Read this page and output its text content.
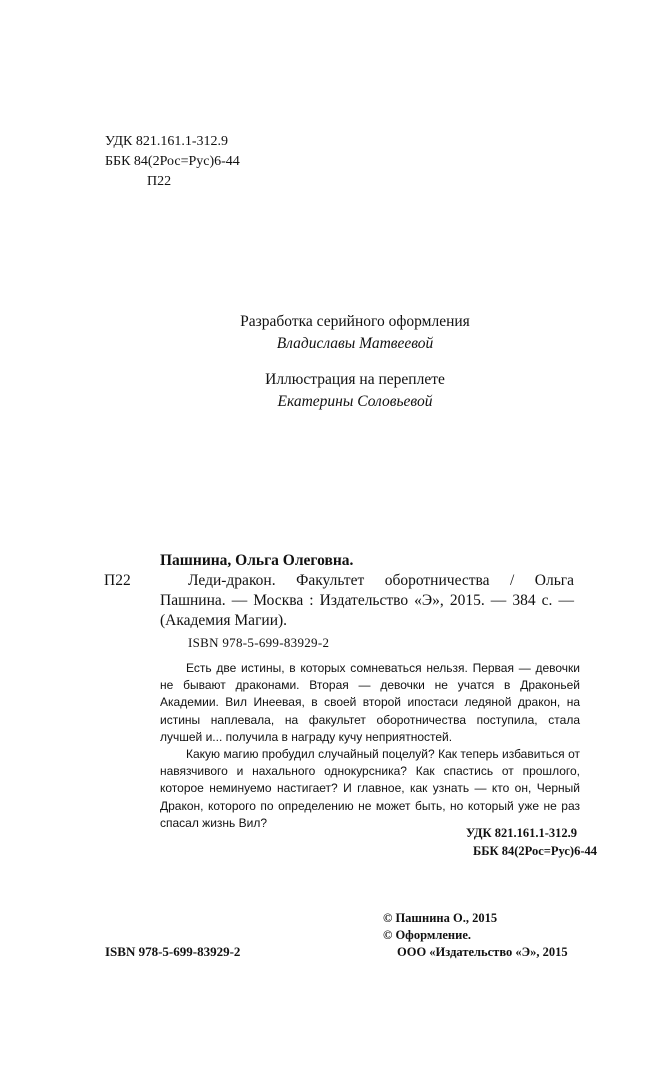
УДК 821.161.1-312.9
ББК 84(2Рос=Рус)6-44
П22
Разработка серийного оформления
Владиславы Матвеевой
Иллюстрация на переплете
Екатерины Соловьевой
Пашнина, Ольга Олеговна.
П22	Леди-дракон. Факультет оборотничества / Ольга Пашнина. — Москва : Издательство «Э», 2015. — 384 с. — (Академия Магии).
ISBN 978-5-699-83929-2

Есть две истины, в которых сомневаться нельзя. Первая — девочки не бывают драконами. Вторая — девочки не учатся в Драконьей Академии. Вил Инеевая, в своей второй ипостаси ледяной дракон, на истины наплевала, на факультет оборотничества поступила, стала лучшей и... получила в награду кучу неприятностей.

Какую магию пробудил случайный поцелуй? Как теперь избавиться от навязчивого и нахального однокурсника? Как спастись от прошлого, которое неминуемо настигает? И главное, как узнать — кто он, Черный Дракон, которого по определению не может быть, но который уже не раз спасал жизнь Вил?

УДК 821.161.1-312.9
ББК 84(2Рос=Рус)6-44
© Пашнина О., 2015
© Оформление.
ООО «Издательство «Э», 2015
ISBN 978-5-699-83929-2
